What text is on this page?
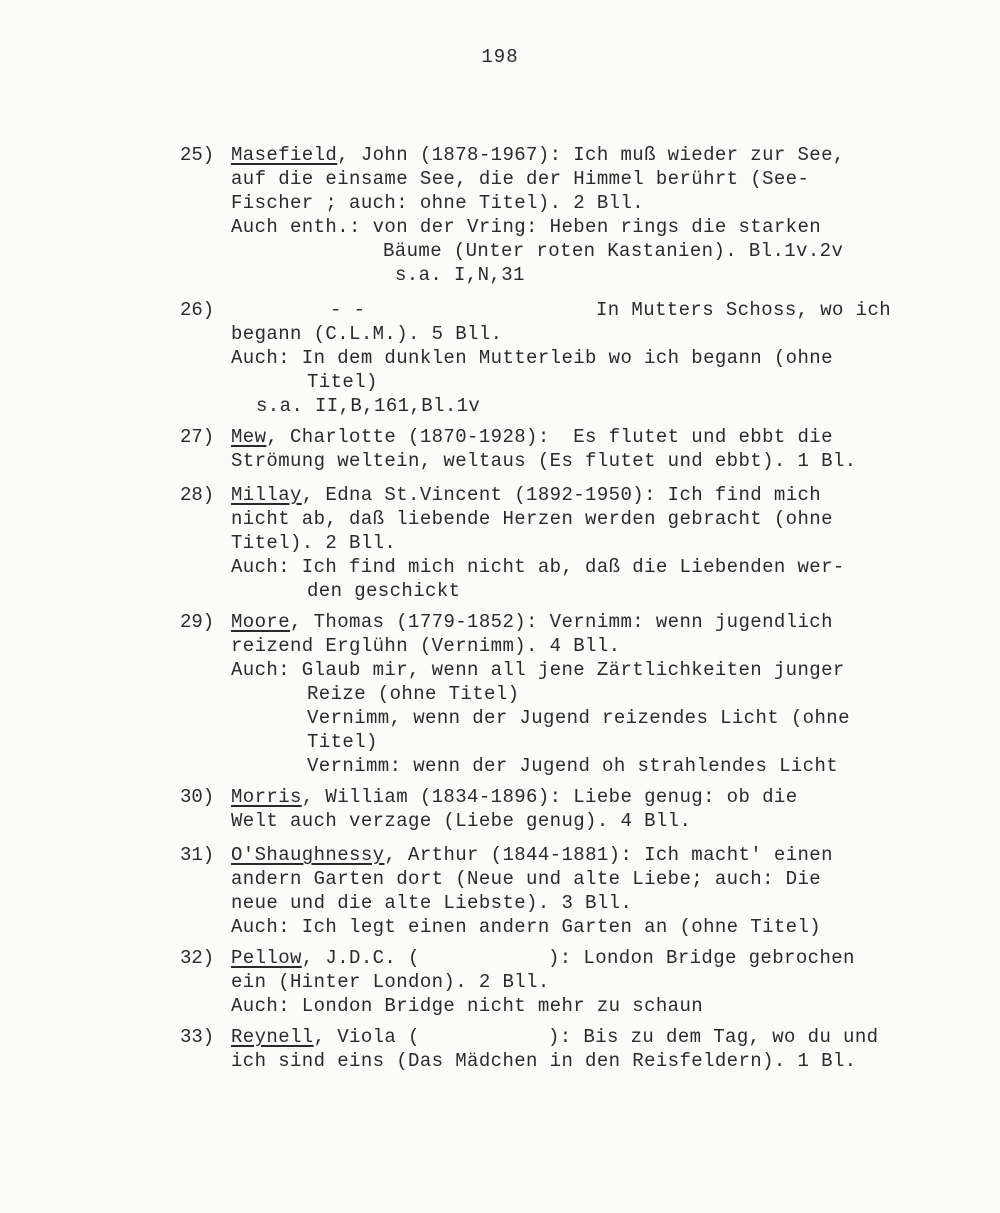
198
25) Masefield, John (1878-1967): Ich muß wieder zur See,
auf die einsame See, die der Himmel berührt (See-
Fischer ; auch: ohne Titel). 2 Bll.
Auch enth.: von der Vring: Heben rings die starken
Bäume (Unter roten Kastanien). Bl.1v.2v
s.a. I,N,31
26)	- -	In Mutters Schoss, wo ich
begann (C.L.M.). 5 Bll.
Auch: In dem dunklen Mutterleib wo ich begann (ohne
Titel)
s.a. II,B,161,Bl.1v
27) Mew, Charlotte (1870-1928):  Es flutet und ebbt die
Strömung weltein, weltaus (Es flutet und ebbt). 1 Bl.
28) Millay, Edna St.Vincent (1892-1950): Ich find mich
nicht ab, daß liebende Herzen werden gebracht (ohne
Titel). 2 Bll.
Auch: Ich find mich nicht ab, daß die Liebenden wer-
den geschickt
29) Moore, Thomas (1779-1852): Vernimm: wenn jugendlich
reizend Erglühn (Vernimm). 4 Bll.
Auch: Glaub mir, wenn all jene Zärtlichkeiten junger
Reize (ohne Titel)
Vernimm, wenn der Jugend reizendes Licht (ohne
Titel)
Vernimm: wenn der Jugend oh strahlendes Licht
30) Morris, William (1834-1896): Liebe genug: ob die
Welt auch verzage (Liebe genug). 4 Bll.
31) O'Shaughnessy, Arthur (1844-1881): Ich macht' einen
andern Garten dort (Neue und alte Liebe; auch: Die
neue und die alte Liebste). 3 Bll.
Auch: Ich legt einen andern Garten an (ohne Titel)
32) Pellow, J.D.C. (	): London Bridge gebrochen
ein (Hinter London). 2 Bll.
Auch: London Bridge nicht mehr zu schaun
33) Reynell, Viola (	): Bis zu dem Tag, wo du und
ich sind eins (Das Mädchen in den Reisfeldern). 1 Bl.
